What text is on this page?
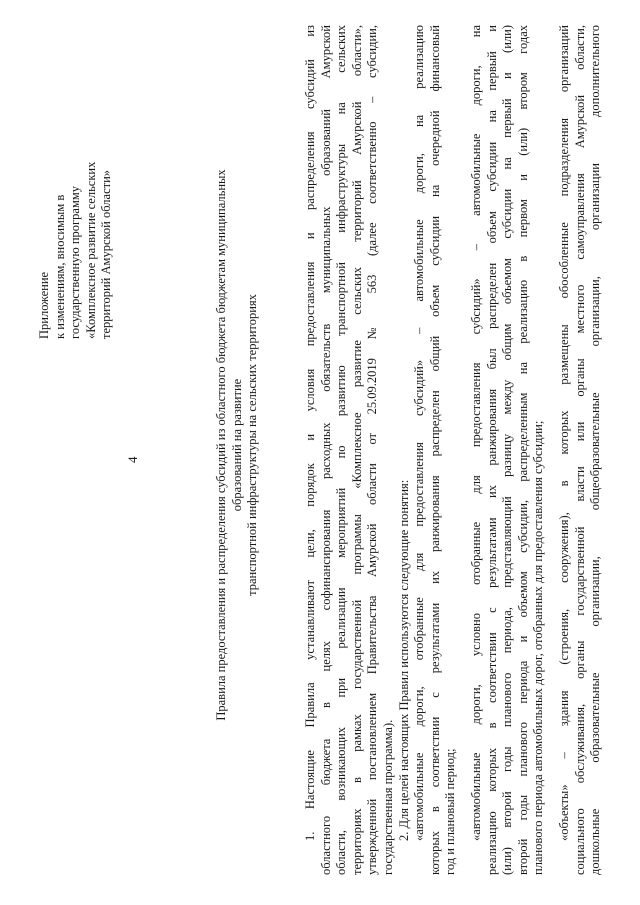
4
Приложение к изменениям, вносимым в государственную программу «Комплексное развитие сельских территорий Амурской области»	Правила предоставления и распределения субсидий из областного бюджета бюджетам муниципальных образований на развитие транспортной инфраструктуры на сельских территориях	1. Настоящие Правила устанавливают цели, порядок и условия предоставления и распределения субсидий из областного бюджета в целях софинансирования расходных обязательств муниципальных образований Амурской области, возникающих при реализации мероприятий по развитию транспортной инфраструктуры на сельских территориях в рамках государственной программы «Комплексное развитие сельских территорий Амурской области», утвержденной постановлением Правительства Амурской области от 25.09.2019 № 563 (далее соответственно – субсидии, государственная программа). 2. Для целей настоящих Правил используются следующие понятия: «автомобильные дороги, отобранные для предоставления субсидий» – автомобильные дороги, на реализацию которых в соответствии с результатами их ранжирования распределен общий объем субсидии на очередной финансовый год и плановый период; «автомобильные дороги, условно отобранные для предоставления субсидий» – автомобильные дороги, на реализацию которых в соответствии с результатами их ранжирования был распределен объем субсидии на первый и (или) второй годы планового периода, представляющий разницу между общим объемом субсидии на первый и (или) второй годы планового периода и объемом субсидии, распределенным на реализацию в первом и (или) втором годах планового периода автомобильных дорог, отобранных для предоставления субсидии; «объекты» – здания (строения, сооружения), в которых размещены обособленные подразделения организаций социального обслуживания, органы государственной власти или органы местного самоуправления Амурской области, дошкольные образовательные организации, общеобразовательные организации, организации дополнительного
